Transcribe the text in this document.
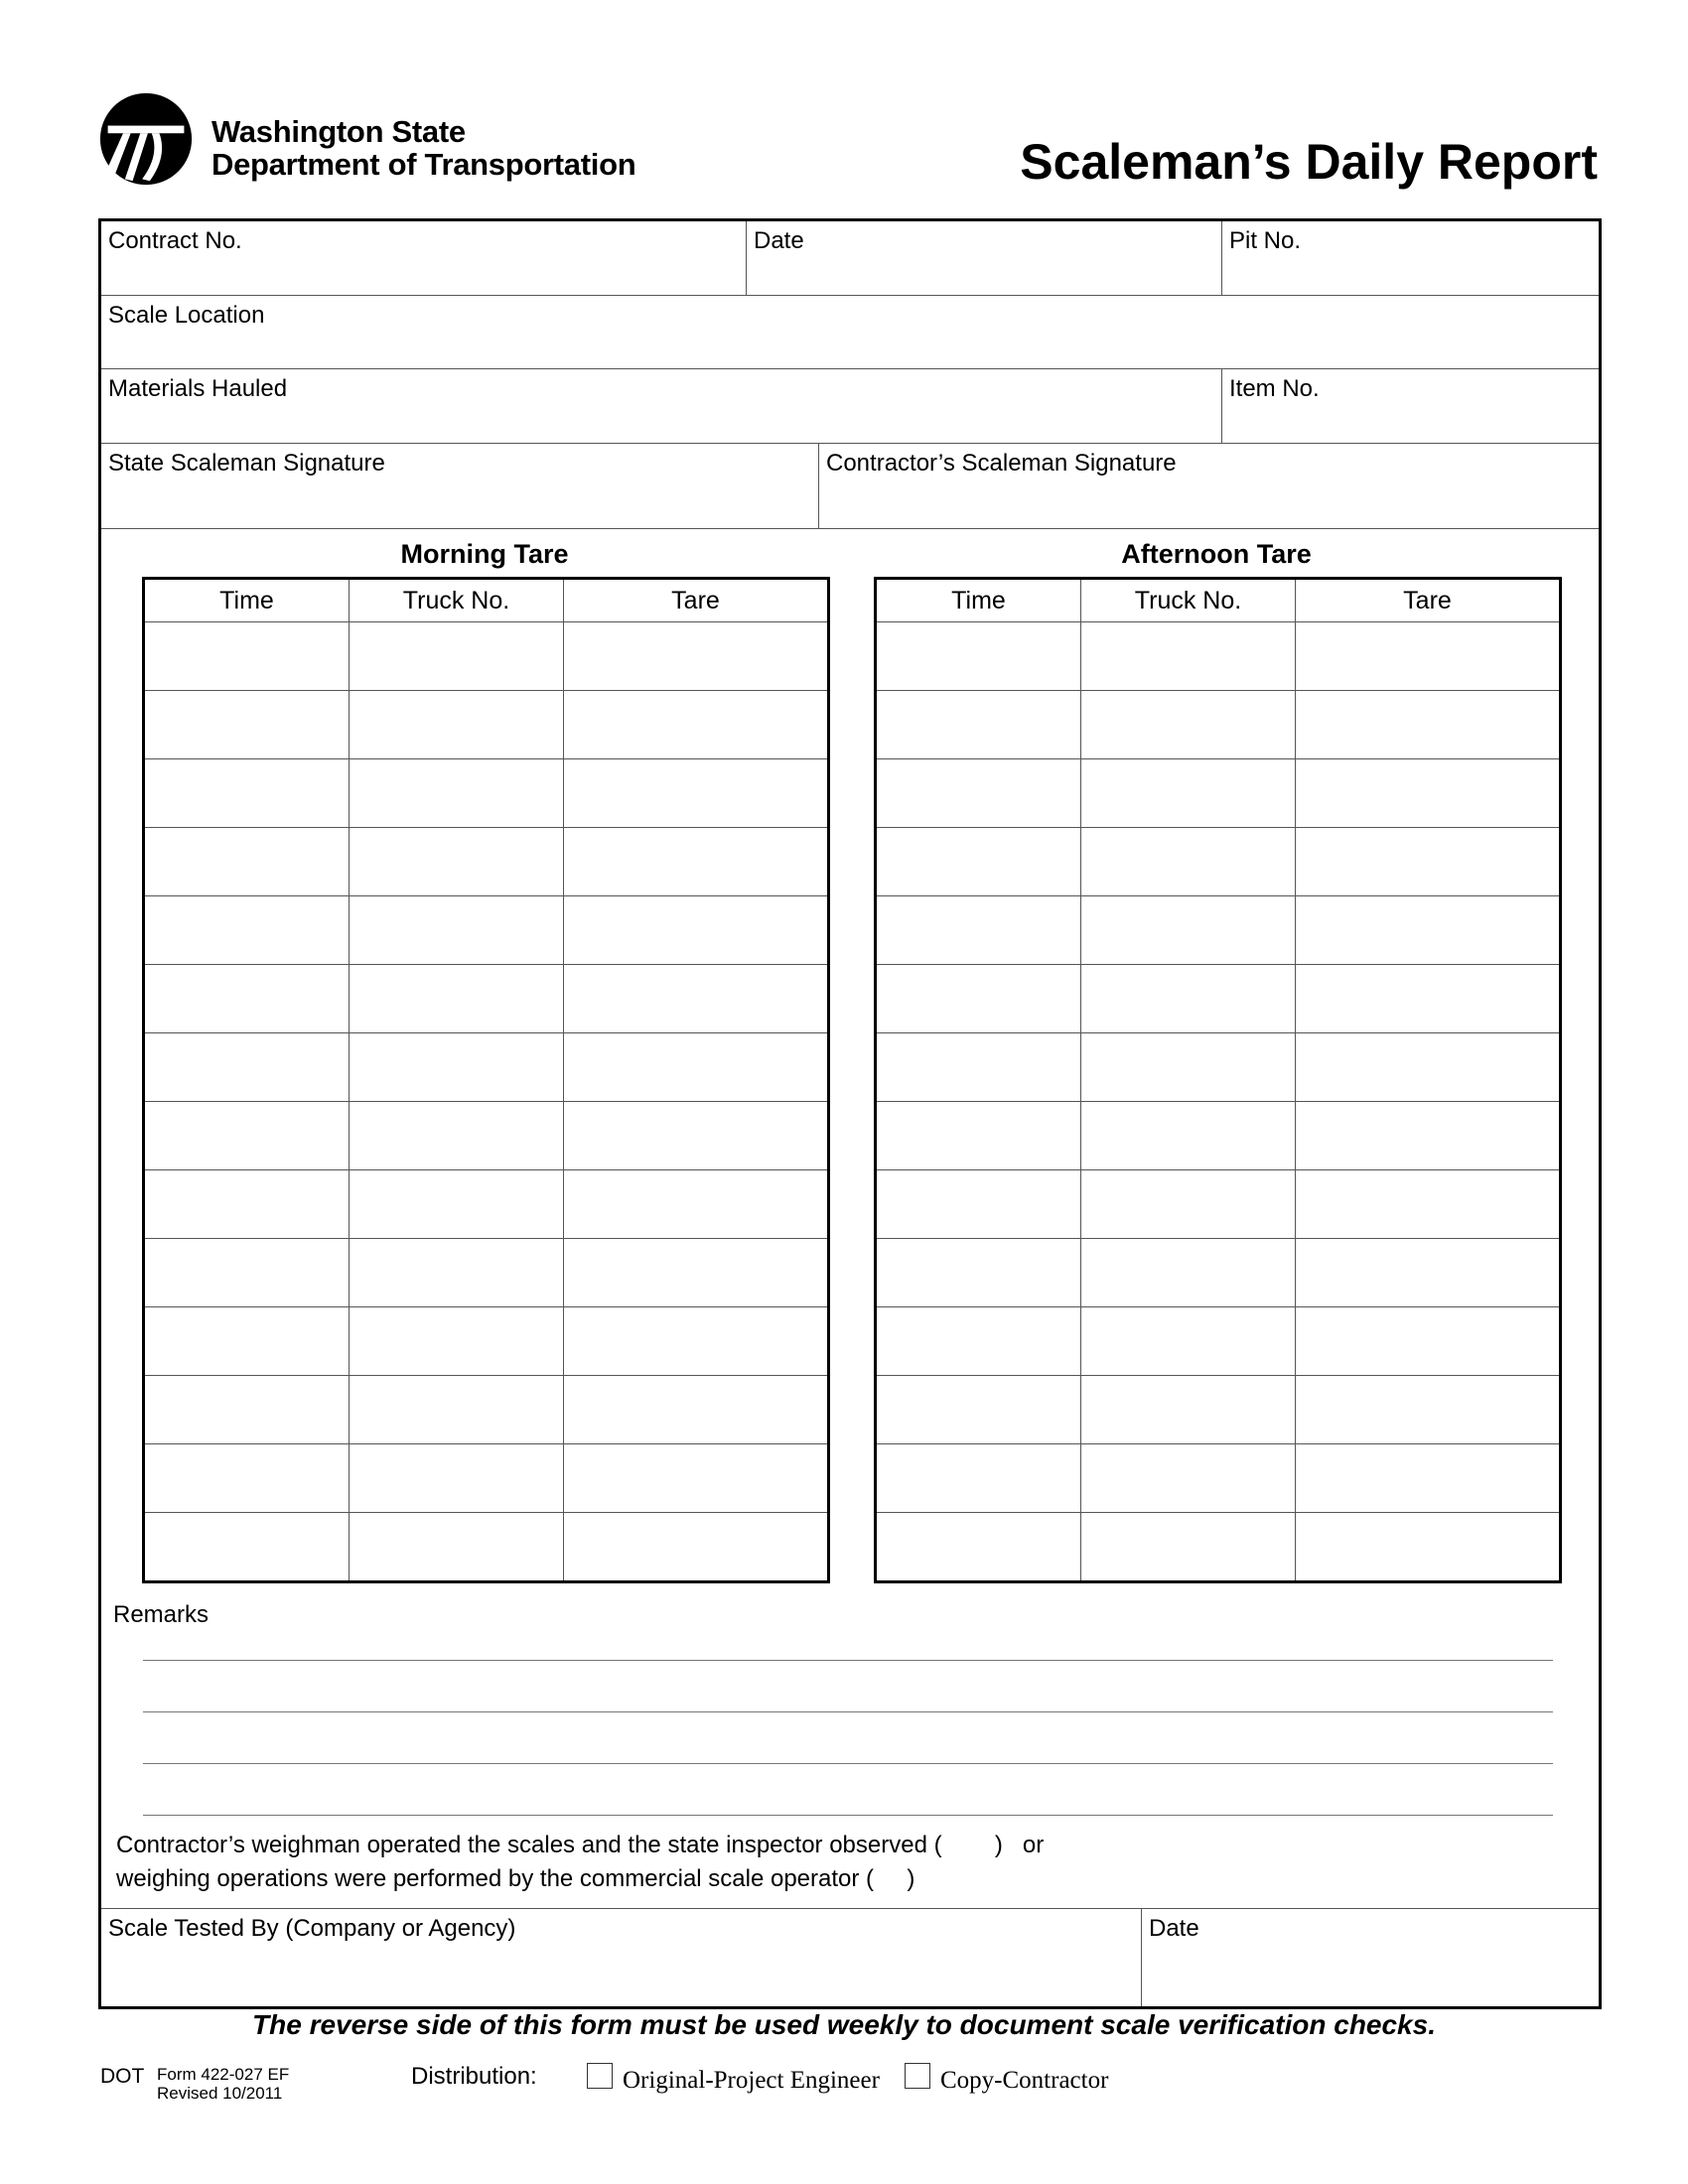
Washington State
Department of Transportation	Scaleman’s Daily Report
Contract No.	Date	Pit No.
Scale Location
Materials Hauled	Item No.
State Scaleman Signature	Contractor’s Scaleman Signature
Morning Tare
Time	Truck No.	Tare

Afternoon Tare
Time	Truck No.	Tare

Remarks
Contractor’s weighman operated the scales and the state inspector observed (        )   or
weighing operations were performed by the commercial scale operator (     )
Scale Tested By (Company or Agency)	Date
The reverse side of this form must be used weekly to document scale verification checks.
DOT Form 422-027 EF
Revised 10/2011
Distribution:	Original-Project Engineer Copy-Contractor
